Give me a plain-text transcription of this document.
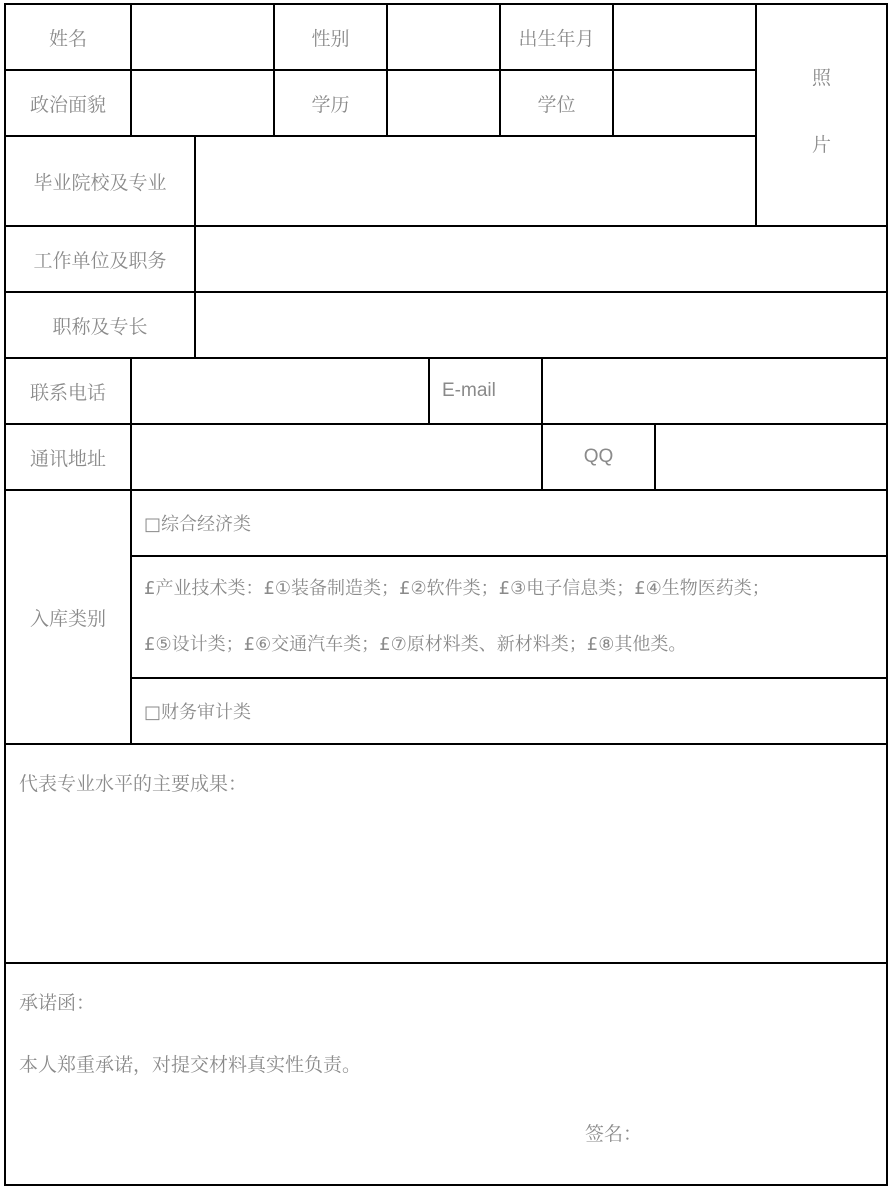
姓名	性别	出生年月
照
片
政治面貌	学历	学位
毕业院校及专业
工作单位及职务
职称及专长
联系电话	E-mail
通讯地址	QQ
入库类别
□综合经济类
£产业技术类：£①装备制造类；£②软件类；£③电子信息类；£④生物医药类；
£⑤设计类；£⑥交通汽车类；£⑦原材料类、新材料类；£⑧其他类。
□财务审计类
代表专业水平的主要成果：
承诺函：
本人郑重承诺，对提交材料真实性负责。
签名：
